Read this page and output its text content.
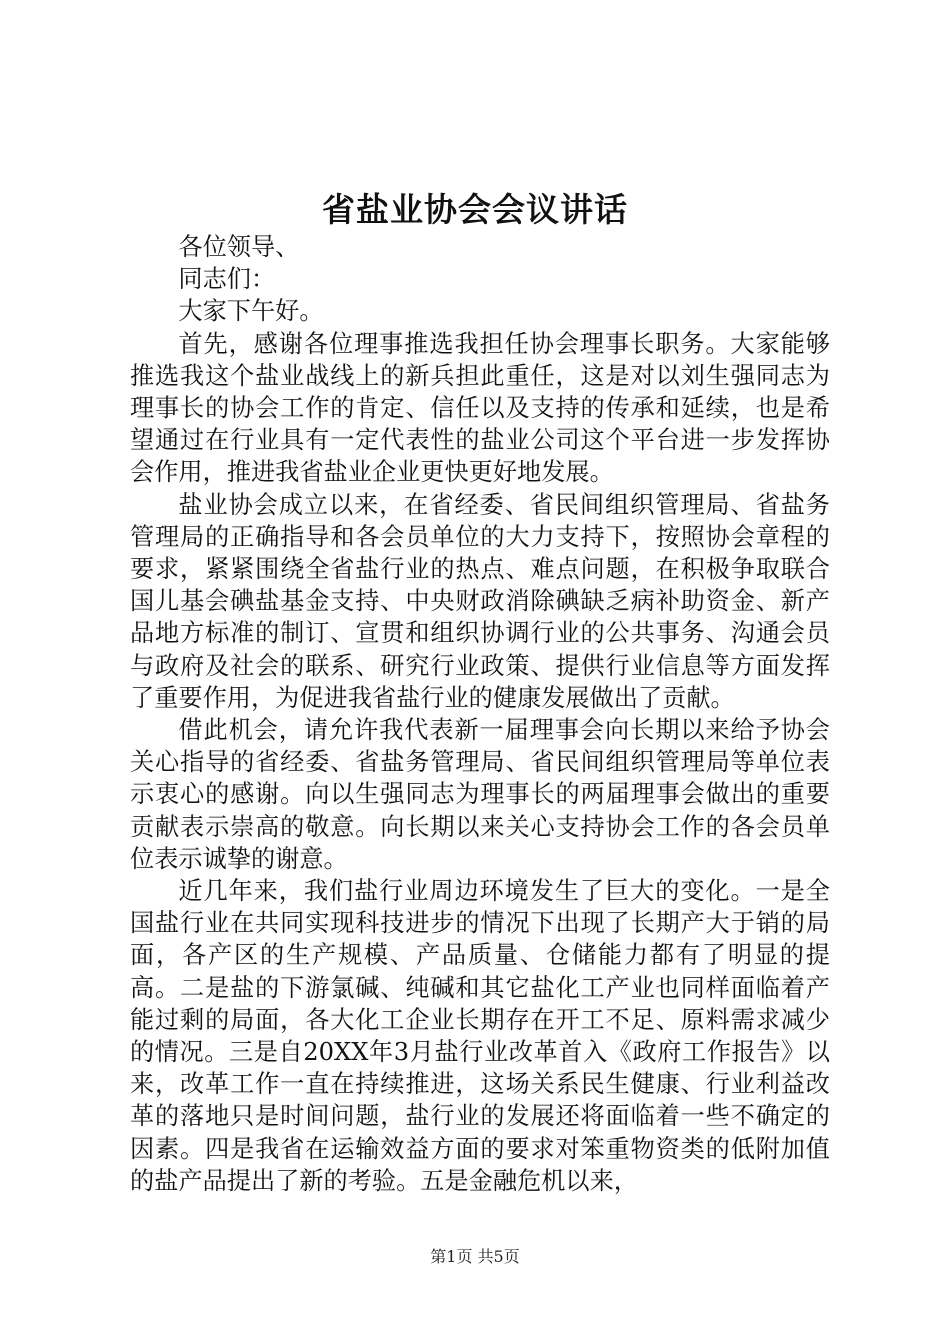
省盐业协会会议讲话

各位领导、

同志们：

大家下午好。

首先，感谢各位理事推选我担任协会理事长职务。大家能够推选我这个盐业战线上的新兵担此重任，这是对以刘生强同志为理事长的协会工作的肯定、信任以及支持的传承和延续，也是希望通过在行业具有一定代表性的盐业公司这个平台进一步发挥协会作用，推进我省盐业企业更快更好地发展。

盐业协会成立以来，在省经委、省民间组织管理局、省盐务管理局的正确指导和各会员单位的大力支持下，按照协会章程的要求，紧紧围绕全省盐行业的热点、难点问题，在积极争取联合国儿基会碘盐基金支持、中央财政消除碘缺乏病补助资金、新产品地方标准的制订、宣贯和组织协调行业的公共事务、沟通会员与政府及社会的联系、研究行业政策、提供行业信息等方面发挥了重要作用，为促进我省盐行业的健康发展做出了贡献。

借此机会，请允许我代表新一届理事会向长期以来给予协会关心指导的省经委、省盐务管理局、省民间组织管理局等单位表示衷心的感谢。向以生强同志为理事长的两届理事会做出的重要贡献表示崇高的敬意。向长期以来关心支持协会工作的各会员单位表示诚挚的谢意。

近几年来，我们盐行业周边环境发生了巨大的变化。一是全国盐行业在共同实现科技进步的情况下出现了长期产大于销的局面，各产区的生产规模、产品质量、仓储能力都有了明显的提高。二是盐的下游氯碱、纯碱和其它盐化工产业也同样面临着产能过剩的局面，各大化工企业长期存在开工不足、原料需求减少的情况。三是自20XX年3月盐行业改革首入《政府工作报告》以来，改革工作一直在持续推进，这场关系民生健康、行业利益改革的落地只是时间问题，盐行业的发展还将面临着一些不确定的因素。四是我省在运输效益方面的要求对笨重物资类的低附加值的盐产品提出了新的考验。五是金融危机以来，

第1页 共5页
